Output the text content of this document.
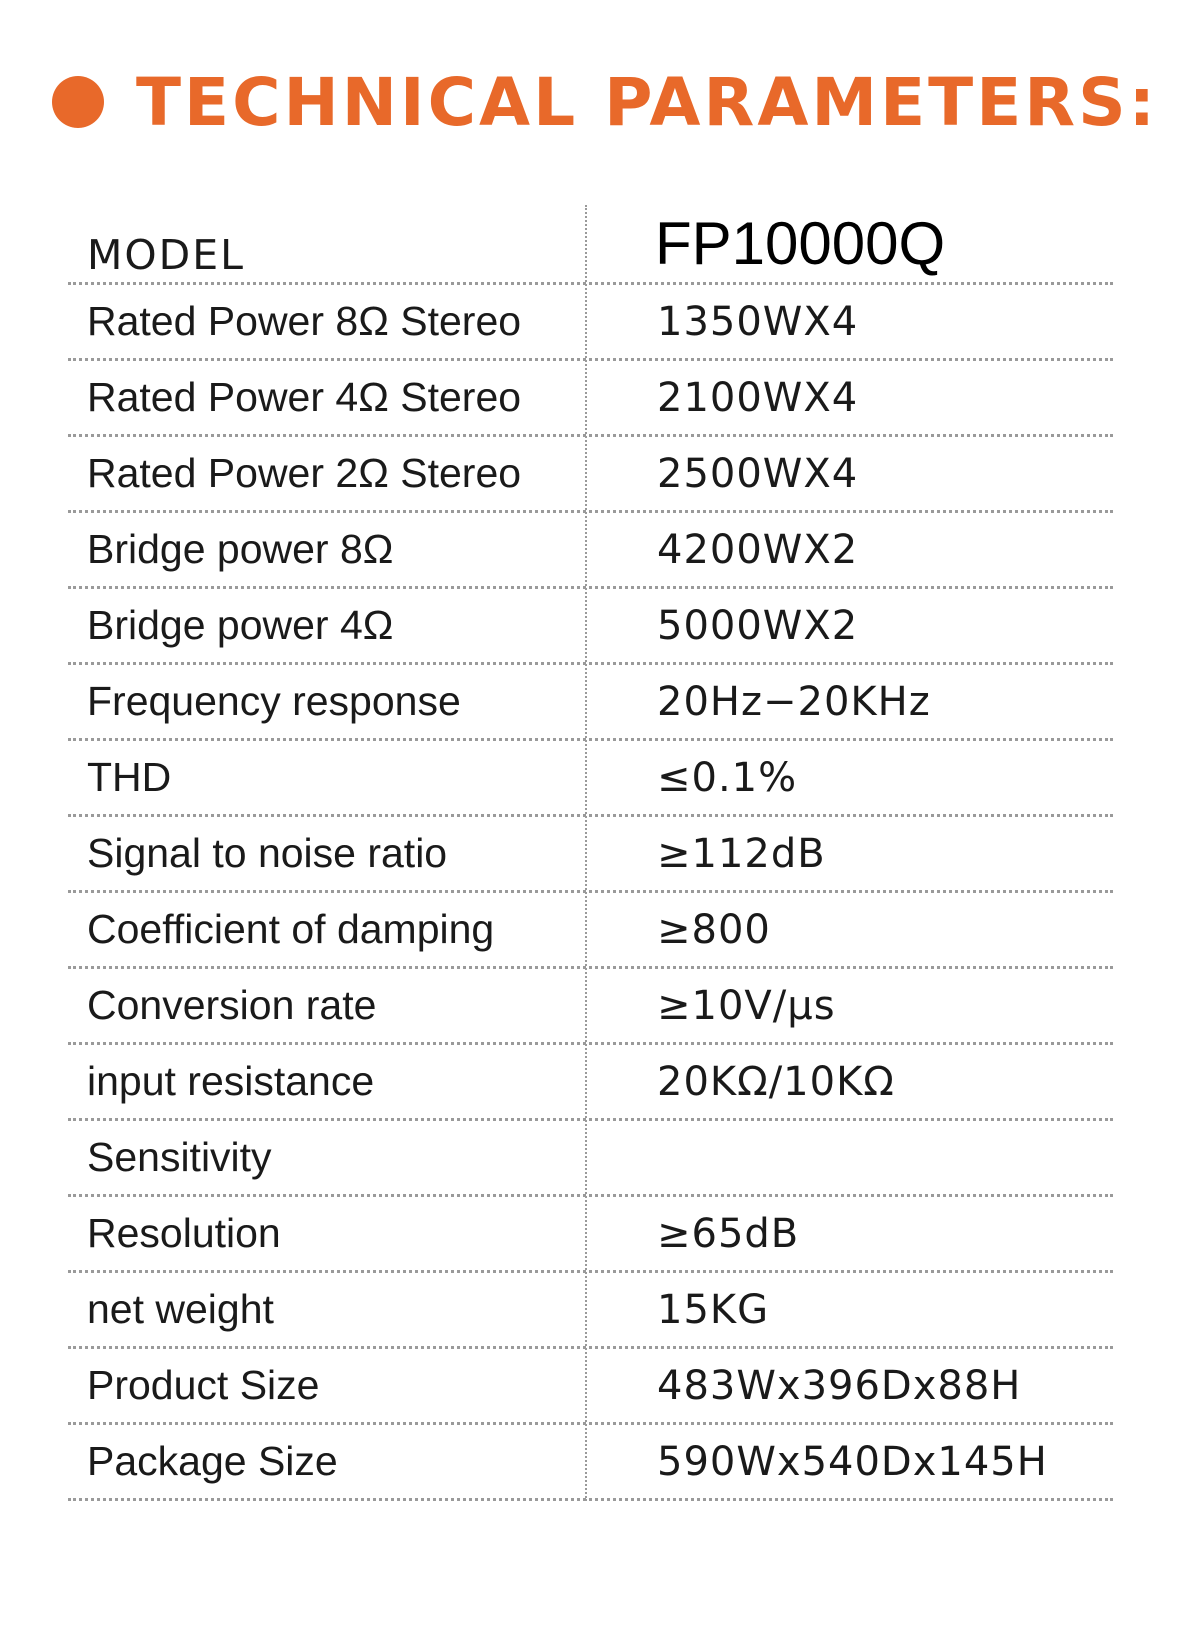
TECHNICAL PARAMETERS:
MODEL	FP10000Q
Rated Power 8Ω Stereo	1350WX4
Rated Power 4Ω Stereo	2100WX4
Rated Power 2Ω Stereo	2500WX4
Bridge power 8Ω	4200WX2
Bridge power 4Ω	5000WX2
Frequency response	20Hz−20KHz
THD	≤0.1%
Signal to noise ratio	≥112dB
Coefficient of damping	≥800
Conversion rate	≥10V/μs
input resistance	20KΩ/10KΩ
Sensitivity
Resolution	≥65dB
net weight	15KG
Product Size	483Wx396Dx88H
Package Size	590Wx540Dx145H
